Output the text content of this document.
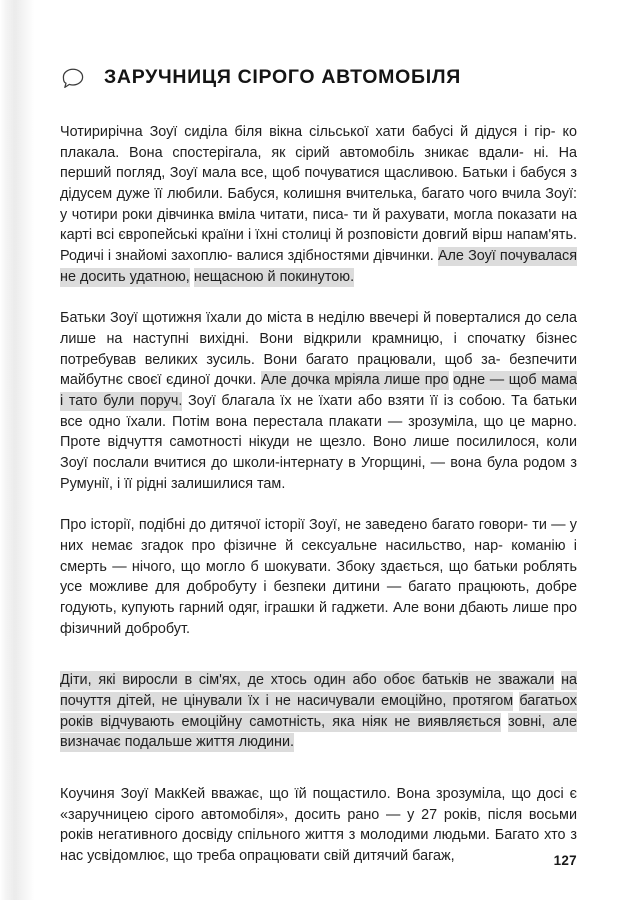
ЗАРУЧНИЦЯ СІРОГО АВТОМОБІЛЯ

Чотирирічна Зоуї сиділа біля вікна сільської хати бабусі й дідуся і гір- ко плакала. Вона спостерігала, як сірий автомобіль зникає вдали- ні. На перший погляд, Зоуї мала все, щоб почуватися щасливою. Батьки і бабуся з дідусем дуже її любили. Бабуся, колишня вчителька, багато чого вчила Зоуї: у чотири роки дівчинка вміла читати, писа- ти й рахувати, могла показати на карті всі європейські країни і їхні столиці й розповісти довгий вірш напам'ять. Родичі і знайомі захоплю- валися здібностями дівчинки. Але Зоуї почувалася не досить удатною, нещасною й покинутою.

Батьки Зоуї щотижня їхали до міста в неділю ввечері й поверталися до села лише на наступні вихідні. Вони відкрили крамницю, і спочатку бізнес потребував великих зусиль. Вони багато працювали, щоб за- безпечити майбутнє своєї єдиної дочки. Але дочка мріяла лише про одне — щоб мама і тато були поруч. Зоуї благала їх не їхати або взяти її із собою. Та батьки все одно їхали. Потім вона перестала плакати — зрозуміла, що це марно. Проте відчуття самотності нікуди не щезло. Воно лише посилилося, коли Зоуї послали вчитися до школи-інтернату в Угорщині, — вона була родом з Румунії, і її рідні залишилися там.

Про історії, подібні до дитячої історії Зоуї, не заведено багато говори- ти — у них немає згадок про фізичне й сексуальне насильство, нар- команію і смерть — нічого, що могло б шокувати. Збоку здається, що батьки роблять усе можливе для добробуту і безпеки дитини — багато працюють, добре годують, купують гарний одяг, іграшки й гаджети. Але вони дбають лише про фізичний добробут.

Діти, які виросли в сім'ях, де хтось один або обоє батьків не зважали на почуття дітей, не цінували їх і не насичували емоційно, протягом багатьох років відчувають емоційну самотність, яка ніяк не виявляється зовні, але визначає подальше життя людини.

Коучиня Зоуї МакКей вважає, що їй пощастило. Вона зрозуміла, що досі є «заручницею сірого автомобіля», досить рано — у 27 років, після восьми років негативного досвіду спільного життя з молодими людьми. Багато хто з нас усвідомлює, що треба опрацювати свій дитячий багаж,	127
